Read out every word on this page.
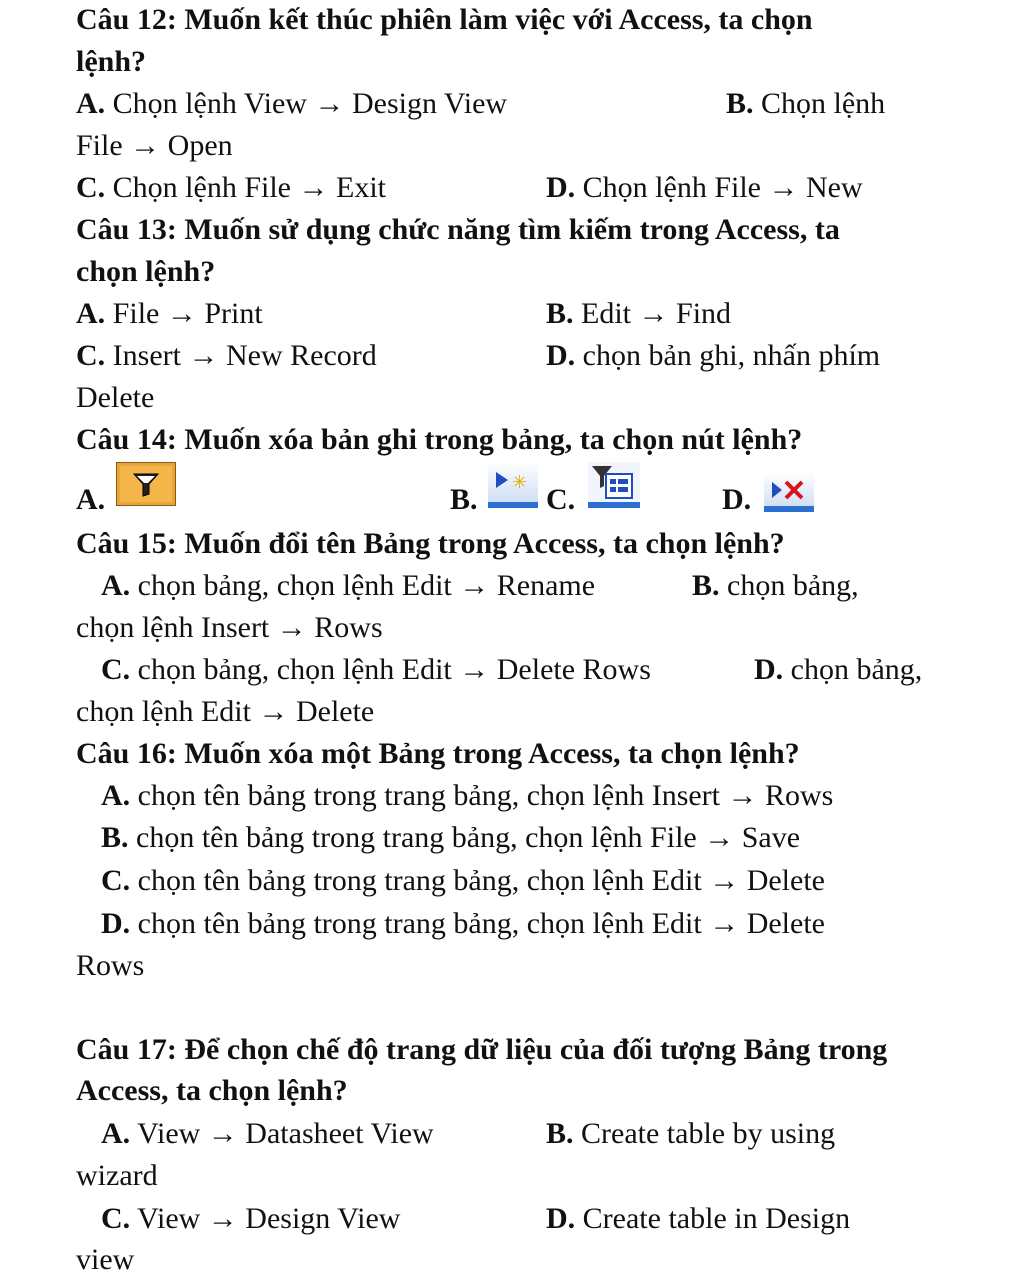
Câu 12: Muốn kết thúc phiên làm việc với Access, ta chọn
lệnh?
A. Chọn lệnh View → Design View	B. Chọn lệnh
File → Open
C. Chọn lệnh File → Exit	D. Chọn lệnh File → New
Câu 13: Muốn sử dụng chức năng tìm kiếm trong Access, ta
chọn lệnh?
A. File → Print	B. Edit → Find
C. Insert → New Record	D. chọn bản ghi, nhấn phím
Delete
Câu 14: Muốn xóa bản ghi trong bảng, ta chọn nút lệnh?
A.	B.
✳
C.	D.
Câu 15: Muốn đổi tên Bảng trong Access, ta chọn lệnh?
A. chọn bảng, chọn lệnh Edit → Rename	B. chọn bảng,
chọn lệnh Insert → Rows
C. chọn bảng, chọn lệnh Edit → Delete Rows	D. chọn bảng,
chọn lệnh Edit → Delete
Câu 16: Muốn xóa một Bảng trong Access, ta chọn lệnh?
A. chọn tên bảng trong trang bảng, chọn lệnh Insert → Rows
B. chọn tên bảng trong trang bảng, chọn lệnh File → Save
C. chọn tên bảng trong trang bảng, chọn lệnh Edit → Delete
D. chọn tên bảng trong trang bảng, chọn lệnh Edit → Delete
Rows
Câu 17: Để chọn chế độ trang dữ liệu của đối tượng Bảng trong
Access, ta chọn lệnh?
A. View → Datasheet View	B. Create table by using
wizard
C. View → Design View	D. Create table in Design
view
